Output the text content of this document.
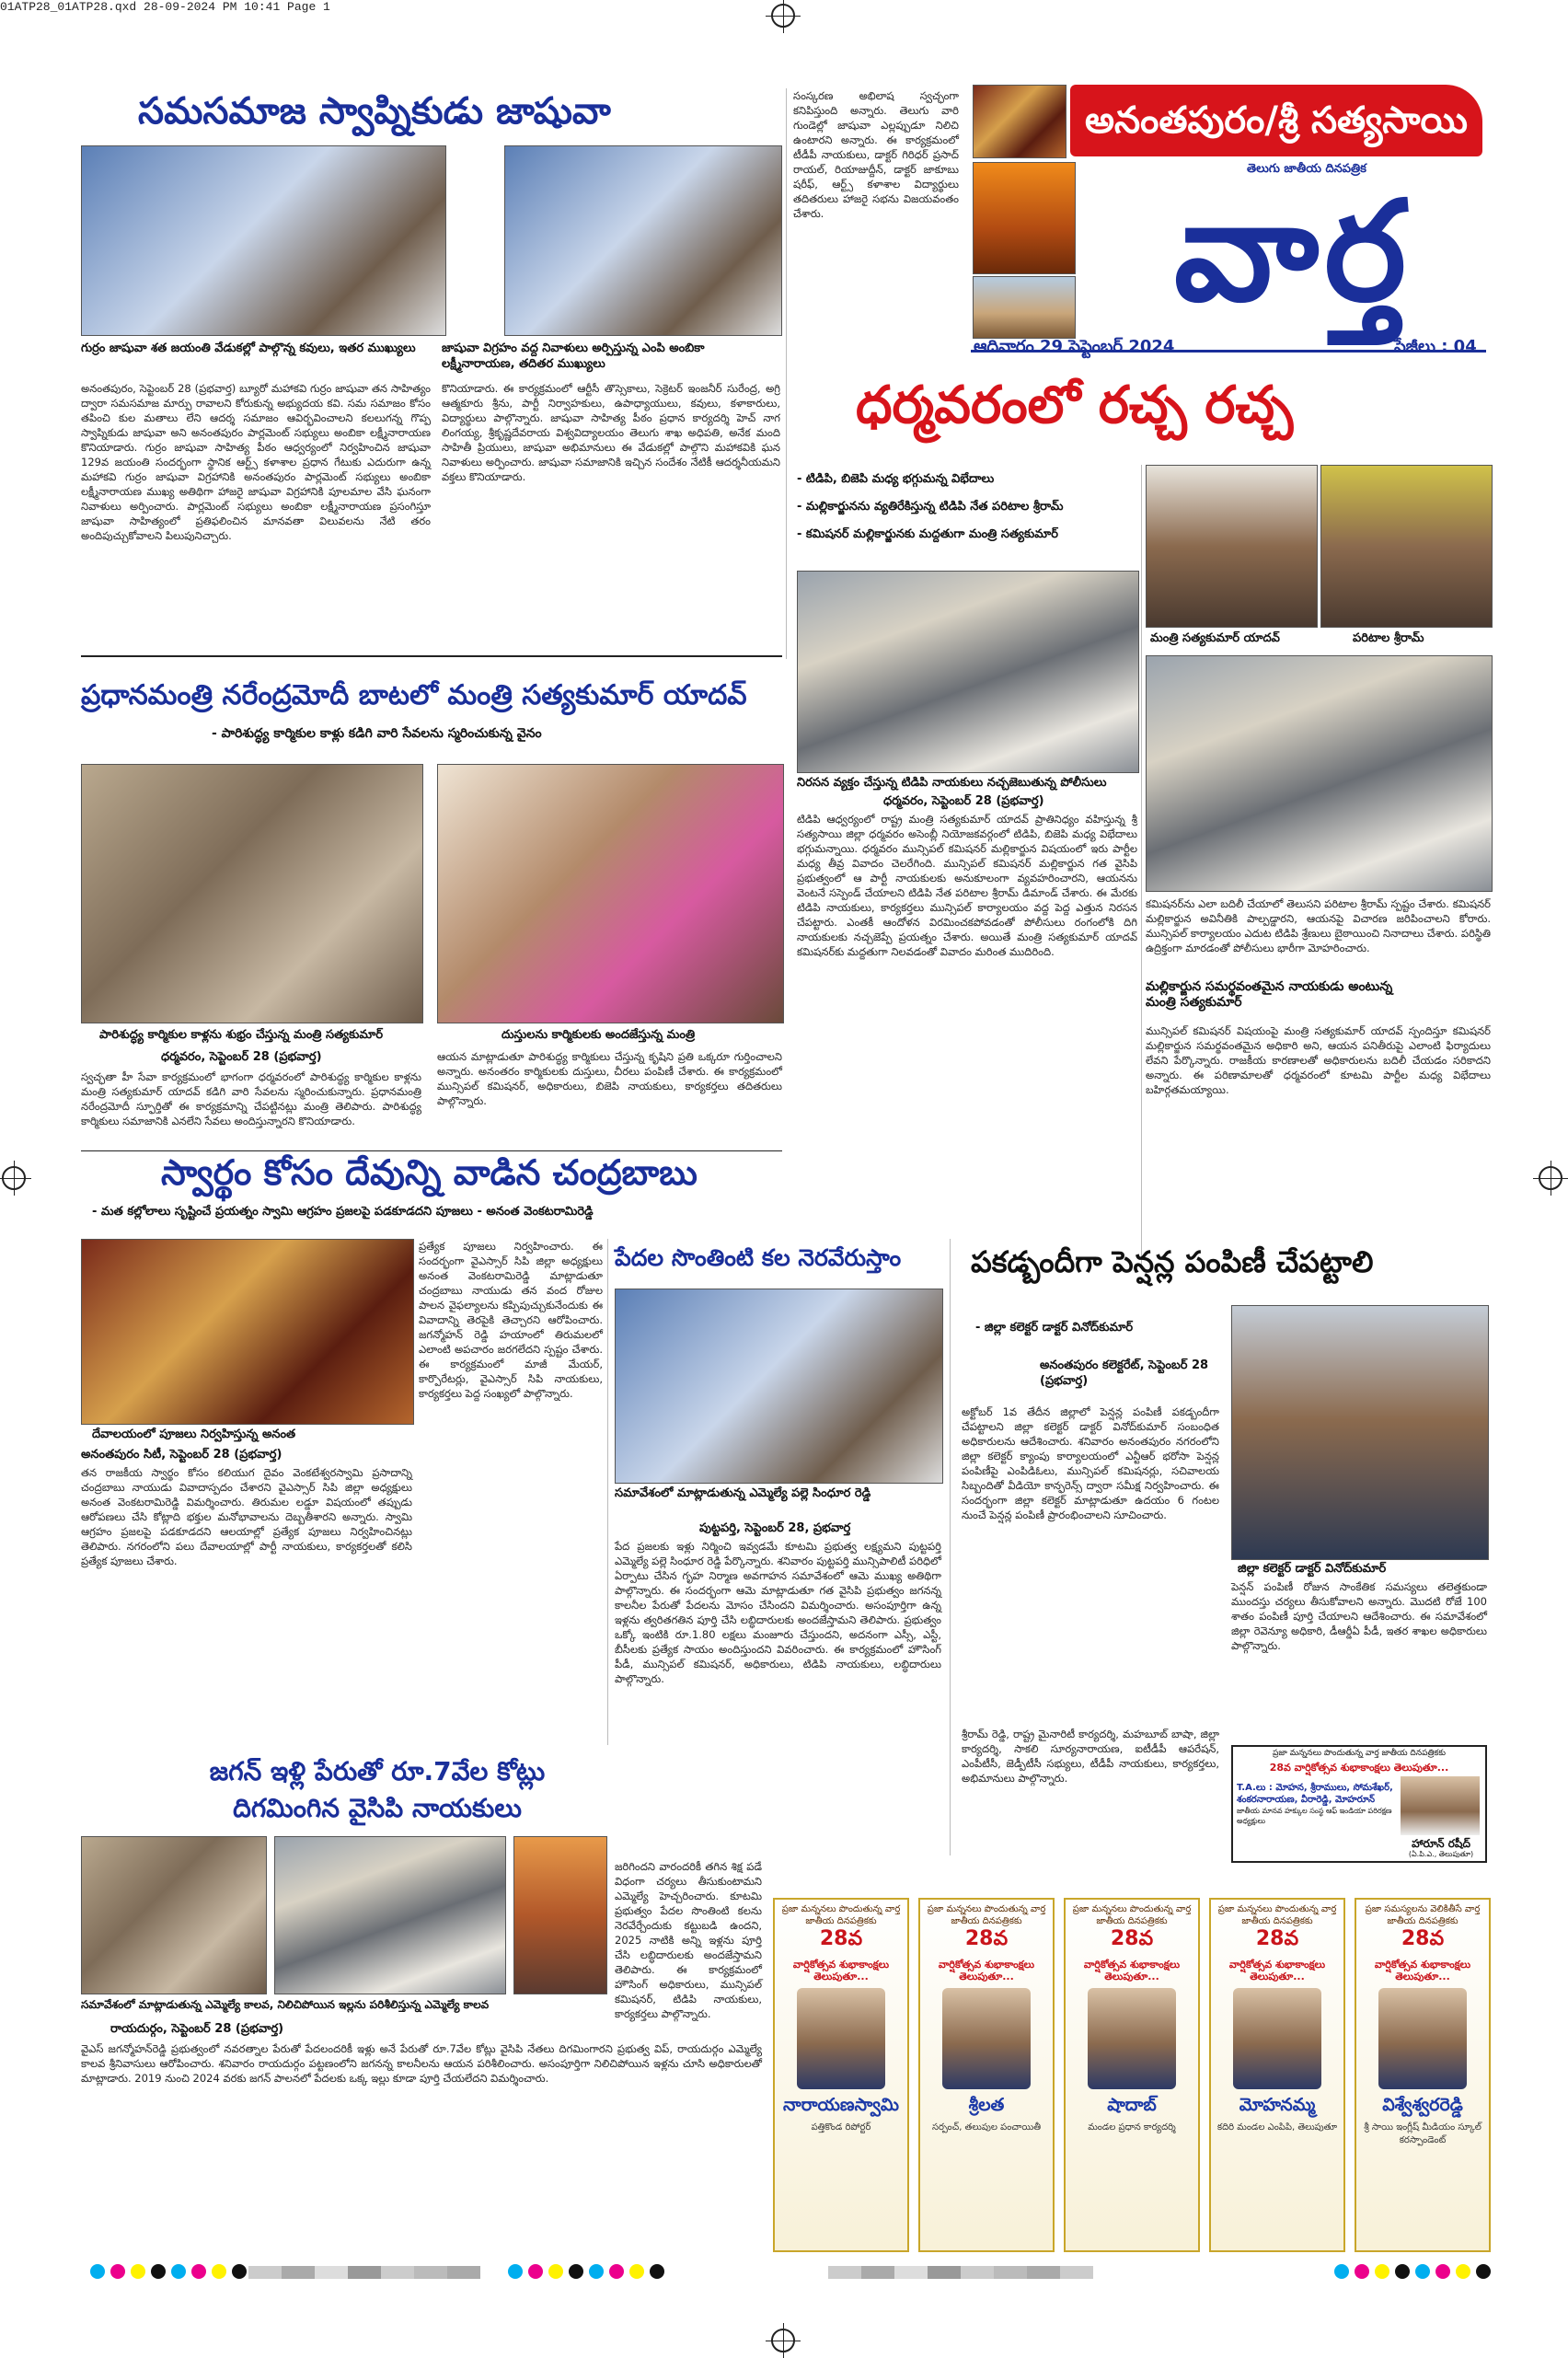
01ATP28_01ATP28.qxd 28-09-2024 PM 10:41 Page 1
అనంతపురం/శ్రీ సత్యసాయి
తెలుగు జాతీయ దినపత్రిక
వార్త
ఆదివారం 29 సెప్టెంబర్ 2024	పేజీలు : 04
సమసమాజ స్వాప్నికుడు జాషువా
గుర్రం జాషువా శత జయంతి వేడుకల్లో పాల్గొన్న కవులు, ఇతర ముఖ్యులు	జాషువా విగ్రహం వద్ద నివాళులు అర్పిస్తున్న ఎంపి అంబికా లక్ష్మీనారాయణ, తదితర ముఖ్యులు
అనంతపురం, సెప్టెంబర్ 28 (ప్రభవార్త) బ్యూరో మహాకవి గుర్రం జాషువా తన సాహిత్యం ద్వారా సమసమాజ మార్పు రావాలని కోరుకున్న అభ్యుదయ కవి. సమ సమాజం కోసం తపించి కుల మతాలు లేని ఆదర్శ సమాజం ఆవిర్భవించాలని కలలుగన్న గొప్ప స్వాప్నికుడు జాషువా అని అనంతపురం పార్లమెంట్ సభ్యులు అంబికా లక్ష్మీనారాయణ కొనియాడారు. గుర్రం జాషువా సాహిత్య పీఠం ఆధ్వర్యంలో నిర్వహించిన జాషువా 129వ జయంతి సందర్భంగా స్థానిక ఆర్ట్స్ కళాశాల ప్రధాన గేటుకు ఎదురుగా ఉన్న మహాకవి గుర్రం జాషువా విగ్రహానికి అనంతపురం పార్లమెంట్ సభ్యులు అంబికా లక్ష్మీనారాయణ ముఖ్య అతిథిగా హాజరై జాషువా విగ్రహానికి పూలమాల వేసి ఘనంగా నివాళులు అర్పించారు. పార్లమెంట్ సభ్యులు అంబికా లక్ష్మీనారాయణ ప్రసంగిస్తూ జాషువా సాహిత్యంలో ప్రతిఫలించిన మానవతా విలువలను నేటి తరం అందిపుచ్చుకోవాలని పిలుపునిచ్చారు.
కొనియాడారు. ఈ కార్యక్రమంలో ఆర్టీసీ తొస్సెకాలు, సెక్రెటర్ ఇంజనీర్ సురేంద్ర, అగ్రి ఆత్మకూరు శ్రీను, పార్టీ నిర్వాహకులు, ఉపాధ్యాయులు, కవులు, కళాకారులు, విద్యార్థులు పాల్గొన్నారు. జాషువా సాహిత్య పీఠం ప్రధాన కార్యదర్శి హెచ్ నాగ లింగయ్య, శ్రీకృష్ణదేవరాయ విశ్వవిద్యాలయం తెలుగు శాఖ అధిపతి, అనేక మంది సాహితీ ప్రియులు, జాషువా అభిమానులు ఈ వేడుకల్లో పాల్గొని మహాకవికి ఘన నివాళులు అర్పించారు. జాషువా సమాజానికి ఇచ్చిన సందేశం నేటికీ ఆదర్శనీయమని వక్తలు కొనియాడారు.
సంస్కరణ అభిలాష స్వచ్ఛంగా కనిపిస్తుంది అన్నారు. తెలుగు వారి గుండెల్లో జాషువా ఎల్లప్పుడూ నిలిచి ఉంటారని అన్నారు. ఈ కార్యక్రమంలో టీడీపీ నాయకులు, డాక్టర్ గిరిధర్ ప్రసాద్ రాయల్, రియాజుద్దీన్, డాక్టర్ జాకూబు షరీఫ్, ఆర్ట్స్ కళాశాల విద్యార్థులు తదితరులు హాజరై సభను విజయవంతం చేశారు.
ధర్మవరంలో రచ్చ రచ్చ
- టిడిపి, బిజెపి మధ్య భగ్గుమన్న విభేదాలు
- మల్లికార్జునను వ్యతిరేకిస్తున్న టిడిపి నేత పరిటాల శ్రీరామ్
- కమిషనర్ మల్లికార్జునకు మద్దతుగా మంత్రి సత్యకుమార్
మంత్రి సత్యకుమార్ యాదవ్	పరిటాల శ్రీరామ్
నిరసన వ్యక్తం చేస్తున్న టిడిపి నాయకులు నచ్చజెబుతున్న పోలీసులు
ధర్మవరం, సెప్టెంబర్ 28 (ప్రభవార్త)
టిడిపి ఆధ్వర్యంలో రాష్ట్ర మంత్రి సత్యకుమార్ యాదవ్ ప్రాతినిధ్యం వహిస్తున్న శ్రీ సత్యసాయి జిల్లా ధర్మవరం అసెంబ్లీ నియోజకవర్గంలో టిడిపి, బిజెపి మధ్య విభేదాలు భగ్గుమన్నాయి. ధర్మవరం మున్సిపల్ కమిషనర్ మల్లికార్జున విషయంలో ఇరు పార్టీల మధ్య తీవ్ర వివాదం చెలరేగింది. మున్సిపల్ కమిషనర్ మల్లికార్జున గత వైసిపి ప్రభుత్వంలో ఆ పార్టీ నాయకులకు అనుకూలంగా వ్యవహరించారని, ఆయనను వెంటనే సస్పెండ్ చేయాలని టిడిపి నేత పరిటాల శ్రీరామ్ డిమాండ్ చేశారు. ఈ మేరకు టిడిపి నాయకులు, కార్యకర్తలు మున్సిపల్ కార్యాలయం వద్ద పెద్ద ఎత్తున నిరసన చేపట్టారు. ఎంతకీ ఆందోళన విరమించకపోవడంతో పోలీసులు రంగంలోకి దిగి నాయకులకు నచ్చజెప్పే ప్రయత్నం చేశారు. అయితే మంత్రి సత్యకుమార్ యాదవ్ కమిషనర్‌కు మద్దతుగా నిలవడంతో వివాదం మరింత ముదిరింది.
కమిషనర్‌ను ఎలా బదిలీ చేయాలో తెలుసని పరిటాల శ్రీరామ్ స్పష్టం చేశారు. కమిషనర్ మల్లికార్జున అవినీతికి పాల్పడ్డారని, ఆయనపై విచారణ జరిపించాలని కోరారు. మున్సిపల్ కార్యాలయం ఎదుట టిడిపి శ్రేణులు బైఠాయించి నినాదాలు చేశారు. పరిస్థితి ఉద్రిక్తంగా మారడంతో పోలీసులు భారీగా మోహరించారు.
మల్లికార్జున సమర్థవంతమైన నాయకుడు అంటున్న మంత్రి సత్యకుమార్
మున్సిపల్ కమిషనర్ విషయంపై మంత్రి సత్యకుమార్ యాదవ్ స్పందిస్తూ కమిషనర్ మల్లికార్జున సమర్థవంతమైన అధికారి అని, ఆయన పనితీరుపై ఎలాంటి ఫిర్యాదులు లేవని పేర్కొన్నారు. రాజకీయ కారణాలతో అధికారులను బదిలీ చేయడం సరికాదని అన్నారు. ఈ పరిణామాలతో ధర్మవరంలో కూటమి పార్టీల మధ్య విభేదాలు బహిర్గతమయ్యాయి.
ప్రధానమంత్రి నరేంద్రమోదీ బాటలో మంత్రి సత్యకుమార్ యాదవ్
- పారిశుద్ధ్య కార్మికుల కాళ్లు కడిగి వారి సేవలను స్మరించుకున్న వైనం
పారిశుద్ధ్య కార్మికుల కాళ్లను శుభ్రం చేస్తున్న మంత్రి సత్యకుమార్	దుస్తులను కార్మికులకు అందజేస్తున్న మంత్రి
ధర్మవరం, సెప్టెంబర్ 28 (ప్రభవార్త)
స్వచ్ఛతా హీ సేవా కార్యక్రమంలో భాగంగా ధర్మవరంలో పారిశుద్ధ్య కార్మికుల కాళ్లను మంత్రి సత్యకుమార్ యాదవ్ కడిగి వారి సేవలను స్మరించుకున్నారు. ప్రధానమంత్రి నరేంద్రమోదీ స్ఫూర్తితో ఈ కార్యక్రమాన్ని చేపట్టినట్లు మంత్రి తెలిపారు. పారిశుద్ధ్య కార్మికులు సమాజానికి ఎనలేని సేవలు అందిస్తున్నారని కొనియాడారు.
ఆయన మాట్లాడుతూ పారిశుద్ధ్య కార్మికులు చేస్తున్న కృషిని ప్రతి ఒక్కరూ గుర్తించాలని అన్నారు. అనంతరం కార్మికులకు దుస్తులు, చీరలు పంపిణీ చేశారు. ఈ కార్యక్రమంలో మున్సిపల్ కమిషనర్, అధికారులు, బిజెపి నాయకులు, కార్యకర్తలు తదితరులు పాల్గొన్నారు.
స్వార్థం కోసం దేవున్ని వాడిన చంద్రబాబు
- మత కల్లోలాలు సృష్టించే ప్రయత్నం స్వామి ఆగ్రహం ప్రజలపై పడకూడదని పూజలు - అనంత వెంకటరామిరెడ్డి
దేవాలయంలో పూజలు నిర్వహిస్తున్న అనంత
అనంతపురం సిటీ, సెప్టెంబర్ 28 (ప్రభవార్త)
తన రాజకీయ స్వార్థం కోసం కలియుగ దైవం వెంకటేశ్వరస్వామి ప్రసాదాన్ని చంద్రబాబు నాయుడు వివాదాస్పదం చేశారని వైఎస్సార్ సిపి జిల్లా అధ్యక్షులు అనంత వెంకటరామిరెడ్డి విమర్శించారు. తిరుమల లడ్డూ విషయంలో తప్పుడు ఆరోపణలు చేసి కోట్లాది భక్తుల మనోభావాలను దెబ్బతీశారని అన్నారు. స్వామి ఆగ్రహం ప్రజలపై పడకూడదని ఆలయాల్లో ప్రత్యేక పూజలు నిర్వహించినట్లు తెలిపారు. నగరంలోని పలు దేవాలయాల్లో పార్టీ నాయకులు, కార్యకర్తలతో కలిసి ప్రత్యేక పూజలు చేశారు.
ప్రత్యేక పూజలు నిర్వహించారు. ఈ సందర్భంగా వైఎస్సార్ సిపి జిల్లా అధ్యక్షులు అనంత వెంకటరామిరెడ్డి మాట్లాడుతూ చంద్రబాబు నాయుడు తన వంద రోజుల పాలన వైఫల్యాలను కప్పిపుచ్చుకునేందుకు ఈ వివాదాన్ని తెరపైకి తెచ్చారని ఆరోపించారు. జగన్మోహన్ రెడ్డి హయాంలో తిరుమలలో ఎలాంటి అపచారం జరగలేదని స్పష్టం చేశారు. ఈ కార్యక్రమంలో మాజీ మేయర్, కార్పొరేటర్లు, వైఎస్సార్ సిపి నాయకులు, కార్యకర్తలు పెద్ద సంఖ్యలో పాల్గొన్నారు.
పేదల సొంతింటి కల నెరవేరుస్తాం
సమావేశంలో మాట్లాడుతున్న ఎమ్మెల్యే పల్లె సింధూర రెడ్డి
పుట్టపర్తి, సెప్టెంబర్ 28, ప్రభవార్త
పేద ప్రజలకు ఇళ్లు నిర్మించి ఇవ్వడమే కూటమి ప్రభుత్వ లక్ష్యమని పుట్టపర్తి ఎమ్మెల్యే పల్లె సింధూర రెడ్డి పేర్కొన్నారు. శనివారం పుట్టపర్తి మున్సిపాలిటీ పరిధిలో ఏర్పాటు చేసిన గృహ నిర్మాణ అవగాహన సమావేశంలో ఆమె ముఖ్య అతిథిగా పాల్గొన్నారు. ఈ సందర్భంగా ఆమె మాట్లాడుతూ గత వైసిపి ప్రభుత్వం జగనన్న కాలనీల పేరుతో పేదలను మోసం చేసిందని విమర్శించారు. అసంపూర్తిగా ఉన్న ఇళ్లను త్వరితగతిన పూర్తి చేసి లబ్ధిదారులకు అందజేస్తామని తెలిపారు. ప్రభుత్వం ఒక్కో ఇంటికి రూ.1.80 లక్షలు మంజూరు చేస్తుందని, అదనంగా ఎస్సీ, ఎస్టీ, బీసీలకు ప్రత్యేక సాయం అందిస్తుందని వివరించారు. ఈ కార్యక్రమంలో హౌసింగ్ పీడీ, మున్సిపల్ కమిషనర్, అధికారులు, టిడిపి నాయకులు, లబ్ధిదారులు పాల్గొన్నారు.
పకడ్బందీగా పెన్షన్ల పంపిణీ చేపట్టాలి
- జిల్లా కలెక్టర్ డాక్టర్ వినోద్‌కుమార్
అనంతపురం కలెక్టరేట్, సెప్టెంబర్ 28 (ప్రభవార్త)
అక్టోబర్ 1వ తేదీన జిల్లాలో పెన్షన్ల పంపిణీ పకడ్బందీగా చేపట్టాలని జిల్లా కలెక్టర్ డాక్టర్ వినోద్‌కుమార్ సంబంధిత అధికారులను ఆదేశించారు. శనివారం అనంతపురం నగరంలోని జిల్లా కలెక్టర్ క్యాంపు కార్యాలయంలో ఎన్టీఆర్ భరోసా పెన్షన్ల పంపిణీపై ఎంపిడిఓలు, మున్సిపల్ కమిషనర్లు, సచివాలయ సిబ్బందితో వీడియో కాన్ఫరెన్స్ ద్వారా సమీక్ష నిర్వహించారు. ఈ సందర్భంగా జిల్లా కలెక్టర్ మాట్లాడుతూ ఉదయం 6 గంటల నుంచే పెన్షన్ల పంపిణీ ప్రారంభించాలని సూచించారు.
జిల్లా కలెక్టర్ డాక్టర్ వినోద్‌కుమార్
పెన్షన్ పంపిణీ రోజున సాంకేతిక సమస్యలు తలెత్తకుండా ముందస్తు చర్యలు తీసుకోవాలని అన్నారు. మొదటి రోజే 100 శాతం పంపిణీ పూర్తి చేయాలని ఆదేశించారు. ఈ సమావేశంలో జిల్లా రెవెన్యూ అధికారి, డీఆర్డీఏ పీడీ, ఇతర శాఖల అధికారులు పాల్గొన్నారు.
శ్రీరామ్ రెడ్డి, రాష్ట్ర మైనారిటీ కార్యదర్శి, మహబూబ్ బాషా, జిల్లా కార్యదర్శి, సాకలి సూర్యనారాయణ, ఐటీడీపీ ఆపరేషన్, ఎంపీటీసీ, జెడ్పీటీసీ సభ్యులు, టీడీపీ నాయకులు, కార్యకర్తలు, అభిమానులు పాల్గొన్నారు.
ప్రజా మన్ననలు పొందుతున్న వార్త జాతీయ దినపత్రికకు
28వ వార్షికోత్సవ శుభాకాంక్షలు తెలుపుతూ...
T.A.లు : మోహన, శ్రీరాములు, సోమశేఖర్, శంకరనారాయణ, వీరారెడ్డి, మోహరూన్
జాతీయ మానవ హక్కుల సంస్థ ఆఫ్ ఇండియా పరిరక్షణ అధ్యక్షులు
హారూన్ రషీద్
(ఏ.పి.ఎ., తెలుపుతూ)
జగన్ ఇళ్లి పేరుతో రూ.7వేల కోట్లు
దిగమింగిన వైసిపి నాయకులు
సమావేశంలో మాట్లాడుతున్న ఎమ్మెల్యే కాలవ, నిలిచిపోయిన ఇల్లను పరిశీలిస్తున్న ఎమ్మెల్యే కాలవ
జరిగిందని వారందరికీ తగిన శిక్ష పడే విధంగా చర్యలు తీసుకుంటామని ఎమ్మెల్యే హెచ్చరించారు. కూటమి ప్రభుత్వం పేదల సొంతింటి కలను నెరవేర్చేందుకు కట్టుబడి ఉందని, 2025 నాటికి అన్ని ఇళ్లను పూర్తి చేసి లబ్ధిదారులకు అందజేస్తామని తెలిపారు. ఈ కార్యక్రమంలో హౌసింగ్ అధికారులు, మున్సిపల్ కమిషనర్, టిడిపి నాయకులు, కార్యకర్తలు పాల్గొన్నారు.
రాయదుర్గం, సెప్టెంబర్ 28 (ప్రభవార్త)
వైఎస్ జగన్మోహన్‌రెడ్డి ప్రభుత్వంలో నవరత్నాల పేరుతో పేదలందరికీ ఇళ్లు అనే పేరుతో రూ.7వేల కోట్లు వైసిపి నేతలు దిగమింగారని ప్రభుత్వ విప్, రాయదుర్గం ఎమ్మెల్యే కాలవ శ్రీనివాసులు ఆరోపించారు. శనివారం రాయదుర్గం పట్టణంలోని జగనన్న కాలనీలను ఆయన పరిశీలించారు. అసంపూర్తిగా నిలిచిపోయిన ఇళ్లను చూసి అధికారులతో మాట్లాడారు. 2019 నుంచి 2024 వరకు జగన్ పాలనలో పేదలకు ఒక్క ఇల్లు కూడా పూర్తి చేయలేదని విమర్శించారు.
ప్రజా మన్ననలు పొందుతున్న వార్త జాతీయ దినపత్రికకు
28వ
వార్షికోత్సవ శుభాకాంక్షలు తెలుపుతూ...
నారాయణస్వామి
పత్తికొండ రిపోర్టర్
ప్రజా మన్ననలు పొందుతున్న వార్త జాతీయ దినపత్రికకు
28వ
వార్షికోత్సవ శుభాకాంక్షలు తెలుపుతూ...
శ్రీలత
సర్పంచ్, తలుపుల పంచాయితీ
ప్రజా మన్ననలు పొందుతున్న వార్త జాతీయ దినపత్రికకు
28వ
వార్షికోత్సవ శుభాకాంక్షలు తెలుపుతూ...
షాదాబ్
మండల ప్రధాన కార్యదర్శి
ప్రజా మన్ననలు పొందుతున్న వార్త జాతీయ దినపత్రికకు
28వ
వార్షికోత్సవ శుభాకాంక్షలు తెలుపుతూ...
మోహనమ్మ
కదిరి మండల ఎంపిపి, తెలుపుతూ
ప్రజా సమస్యలను వెలికితీసే వార్త జాతీయ దినపత్రికకు
28వ
వార్షికోత్సవ శుభాకాంక్షలు తెలుపుతూ...
విశ్వేశ్వరరెడ్డి
శ్రీ సాయి ఇంగ్లీష్ మీడియం స్కూల్ కరస్పాండెంట్
